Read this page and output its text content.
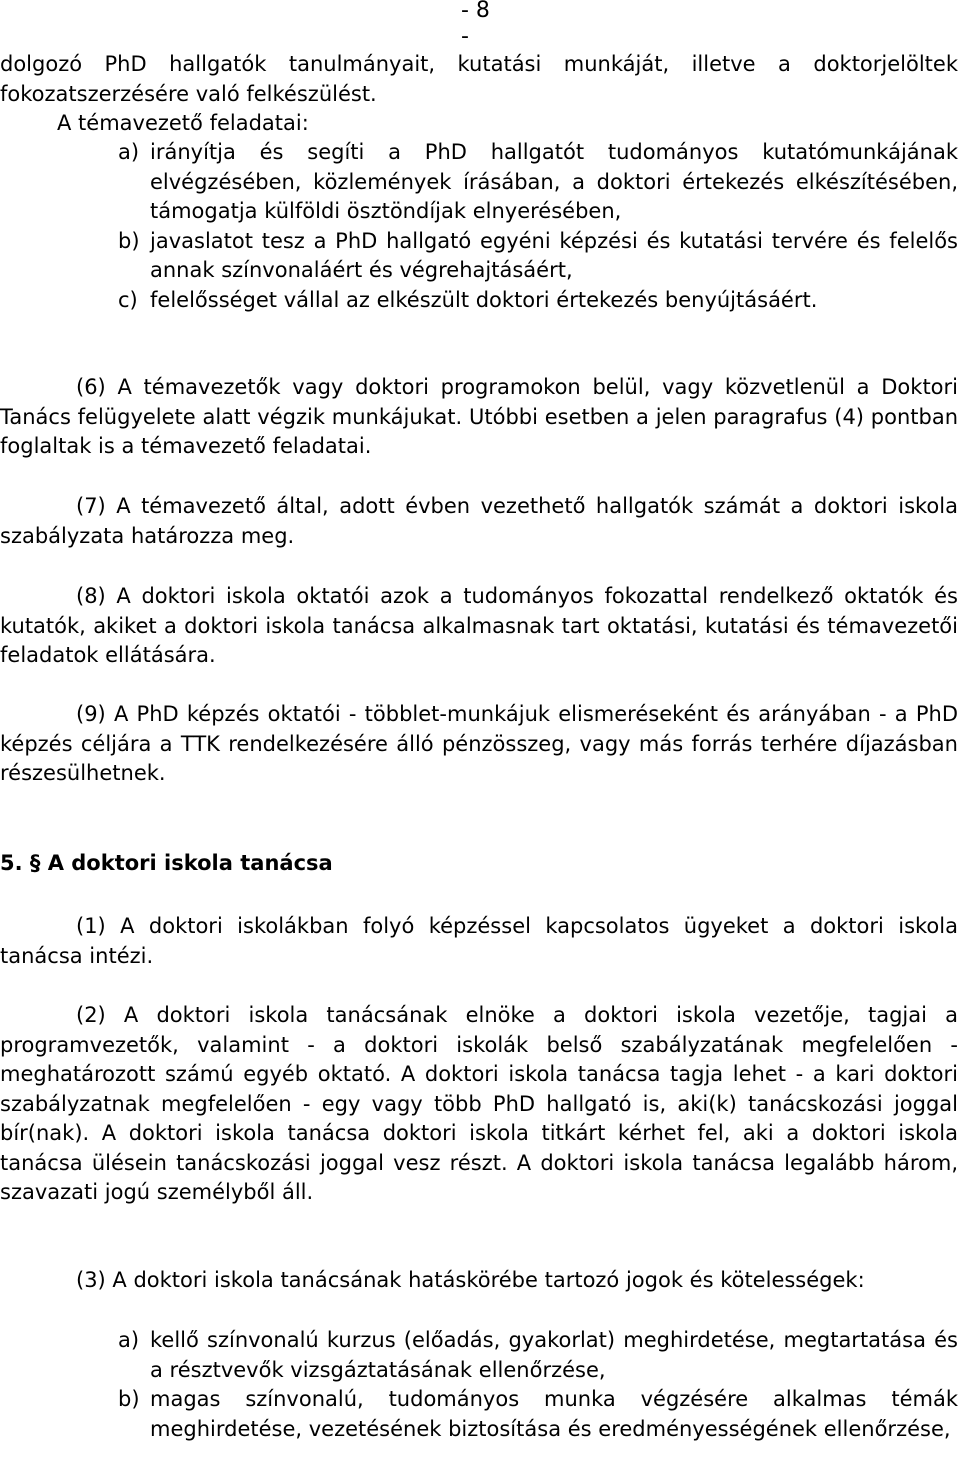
- 8
-

dolgozó PhD hallgatók tanulmányait, kutatási munkáját, illetve a doktorjelöltek fokozatszerzésére való felkészülést.

A témavezető feladatai:

a) irányítja és segíti a PhD hallgatót tudományos kutatómunkájának elvégzésében, közlemények írásában, a doktori értekezés elkészítésében, támogatja külföldi ösztöndíjak elnyerésében,
b) javaslatot tesz a PhD hallgató egyéni képzési és kutatási tervére és felelős annak színvonaláért és végrehajtásáért,
c) felelősséget vállal az elkészült doktori értekezés benyújtásáért.

(6) A témavezetők vagy doktori programokon belül, vagy közvetlenül a Doktori Tanács felügyelete alatt végzik munkájukat. Utóbbi esetben a jelen paragrafus (4) pontban foglaltak is a témavezető feladatai.

(7) A témavezető által, adott évben vezethető hallgatók számát a doktori iskola szabályzata határozza meg.

(8) A doktori iskola oktatói azok a tudományos fokozattal rendelkező oktatók és kutatók, akiket a doktori iskola tanácsa alkalmasnak tart oktatási, kutatási és témavezetői feladatok ellátására.

(9) A PhD képzés oktatói - többlet-munkájuk elismeréseként és arányában - a PhD képzés céljára a TTK rendelkezésére álló pénzösszeg, vagy más forrás terhére díjazásban részesülhetnek.

5. § A doktori iskola tanácsa

(1) A doktori iskolákban folyó képzéssel kapcsolatos ügyeket a doktori iskola tanácsa intézi.

(2) A doktori iskola tanácsának elnöke a doktori iskola vezetője, tagjai a programvezetők, valamint - a doktori iskolák belső szabályzatának megfelelően - meghatározott számú egyéb oktató. A doktori iskola tanácsa tagja lehet - a kari doktori szabályzatnak megfelelően - egy vagy több PhD hallgató is, aki(k) tanácskozási joggal bír(nak). A doktori iskola tanácsa doktori iskola titkárt kérhet fel, aki a doktori iskola tanácsa ülésein tanácskozási joggal vesz részt. A doktori iskola tanácsa legalább három, szavazati jogú személyből áll.

(3) A doktori iskola tanácsának hatáskörébe tartozó jogok és kötelességek:

a) kellő színvonalú kurzus (előadás, gyakorlat) meghirdetése, megtartatása és a résztvevők vizsgáztatásának ellenőrzése,
b) magas színvonalú, tudományos munka végzésére alkalmas témák meghirdetése, vezetésének biztosítása és eredményességének ellenőrzése,
